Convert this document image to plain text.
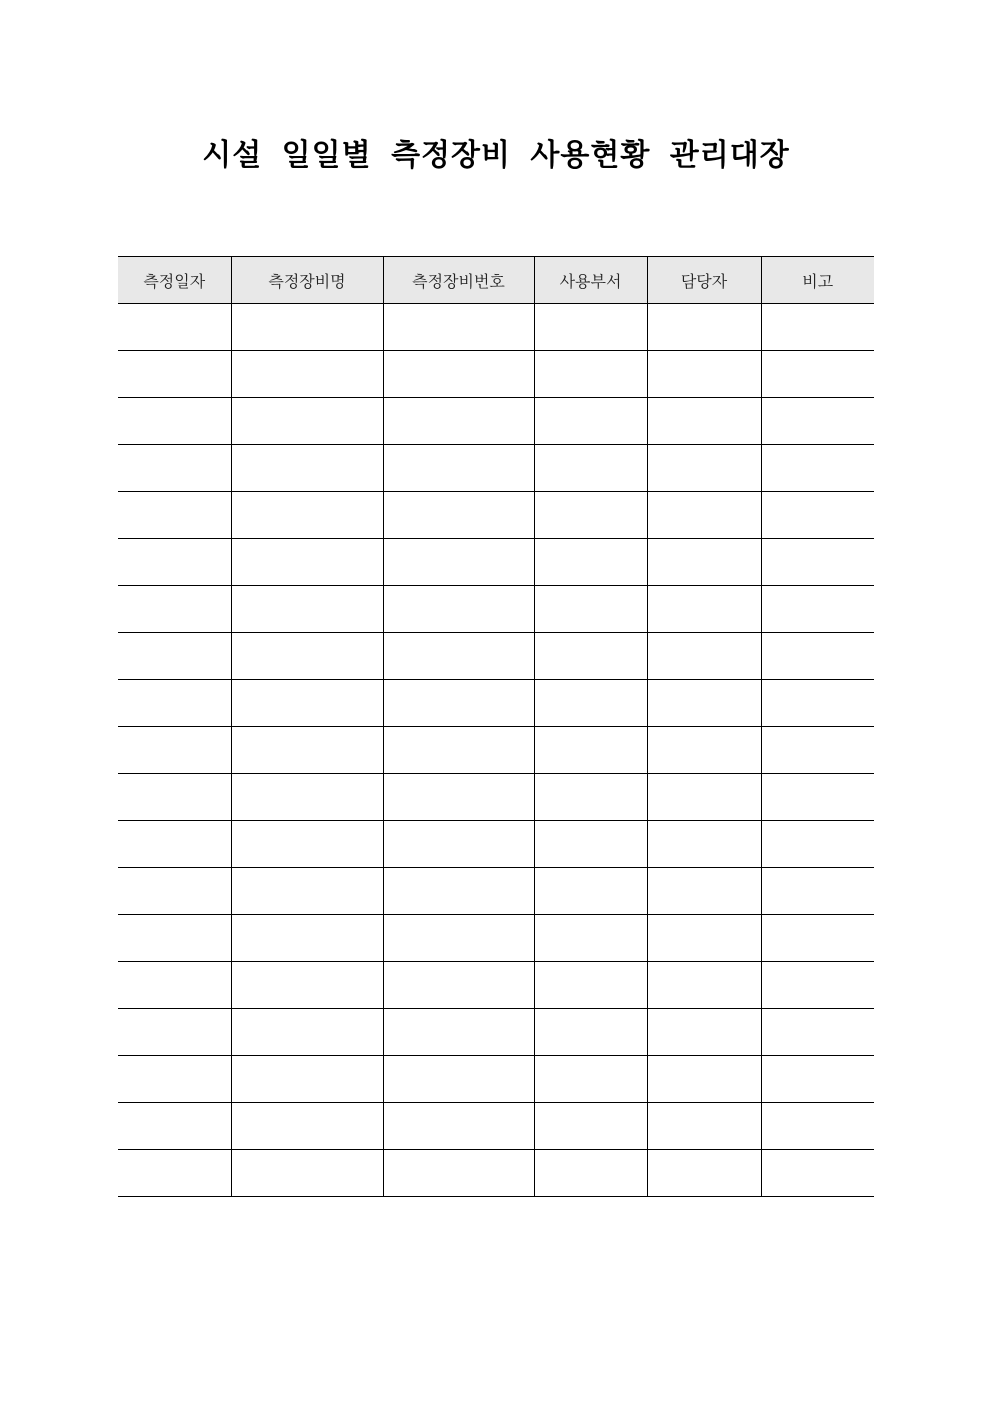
시설 일일별 측정장비 사용현황 관리대장
측정일자	측정장비명	측정장비번호	사용부서	담당자	비고
